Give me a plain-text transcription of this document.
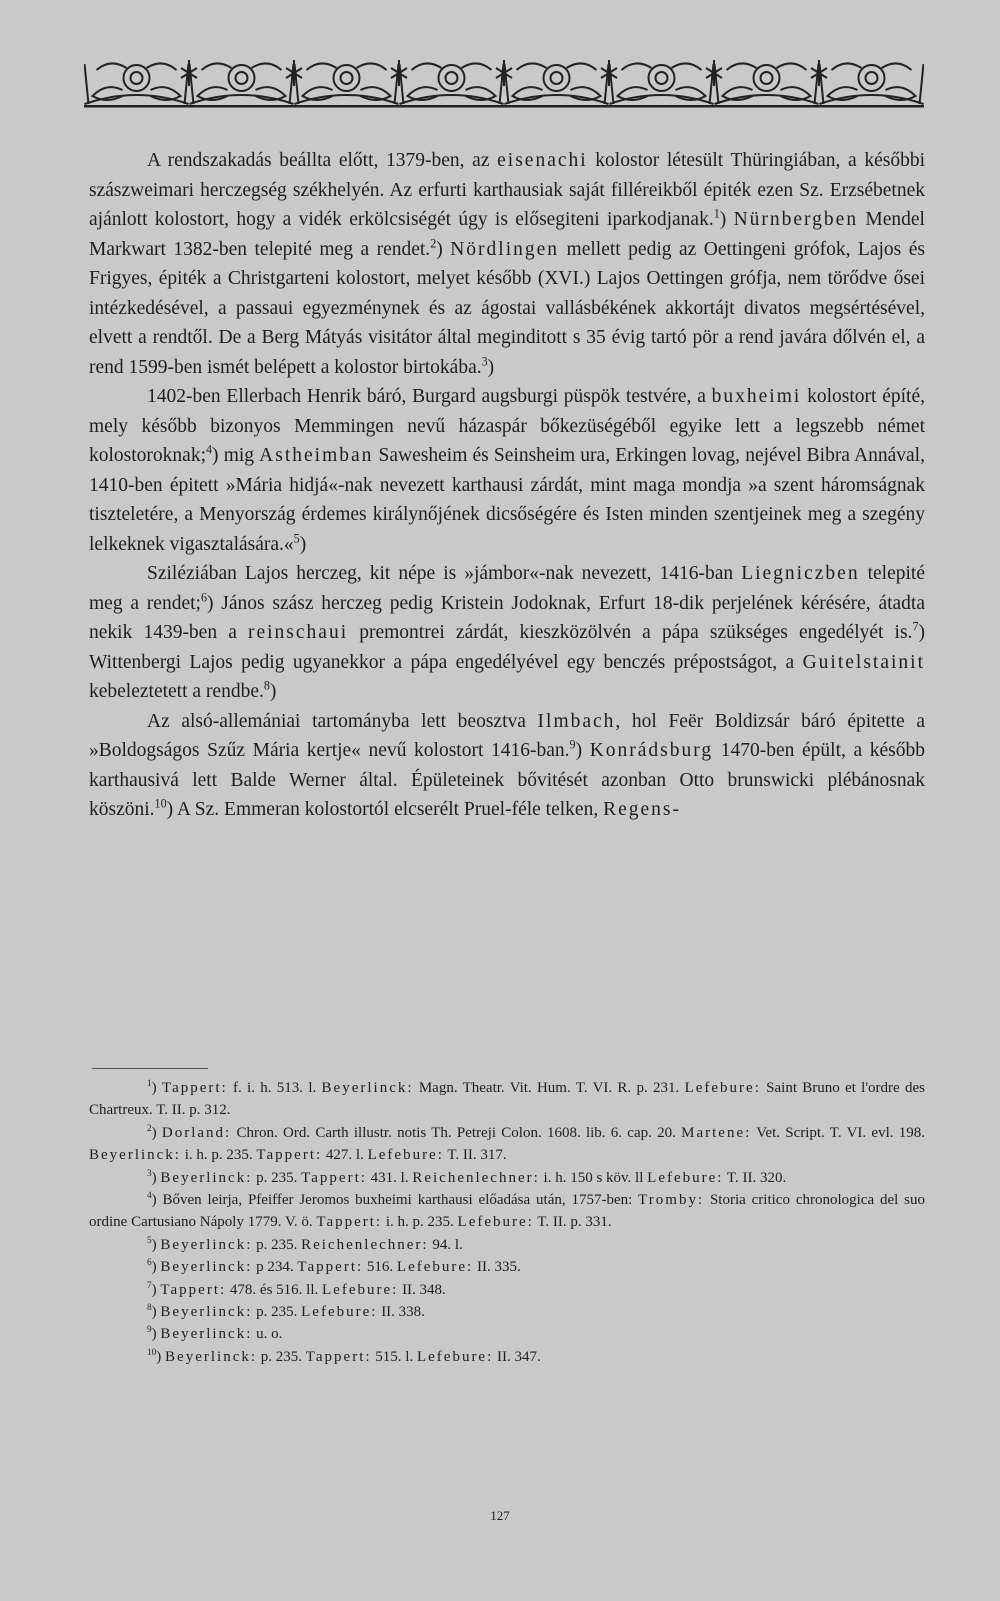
A rendszakadás beállta előtt, 1379-ben, az eisenachi kolostor létesült Thüringiában, a későbbi szászweimari herczegség székhelyén. Az erfurti karthausiak saját filléreikből épiték ezen Sz. Erzsébetnek ajánlott kolostort, hogy a vidék erkölcsiségét úgy is elősegiteni iparkodjanak.$^1$) Nürnbergben Mendel Markwart 1382-ben telepité meg a rendet.$^2$) Nördlingen mellett pedig az Oettingeni grófok, Lajos és Frigyes, épiték a Christgarteni kolostort, melyet később (XVI.) Lajos Oettingen grófja, nem törődve ősei intézkedésével, a passaui egyezménynek és az ágostai vallásbékének akkortájt divatos megsértésével, elvett a rendtől. De a Berg Mátyás visitátor által meginditott s 35 évig tartó pör a rend javára dőlvén el, a rend 1599-ben ismét belépett a kolostor birtokába.$^3$)

1402-ben Ellerbach Henrik báró, Burgard augsburgi püspök testvére, a buxheimi kolostort építé, mely később bizonyos Memmingen nevű házaspár bőkezüségéből egyike lett a legszebb német kolostoroknak;$^4$) mig Astheimban Sawesheim és Seinsheim ura, Erkingen lovag, nejével Bibra Annával, 1410-ben épitett »Mária hidjá«-nak nevezett karthausi zárdát, mint maga mondja »a szent háromságnak tiszteletére, a Menyország érdemes királynőjének dicsőségére és Isten minden szentjeinek meg a szegény lelkeknek vigasztalására.«$^5$)

Sziléziában Lajos herczeg, kit népe is »jámbor«-nak nevezett, 1416-ban Liegniczben telepité meg a rendet;$^6$) János szász herczeg pedig Kristein Jodoknak, Erfurt 18-dik perjelének kérésére, átadta nekik 1439-ben a reinschaui premontrei zárdát, kieszközölvén a pápa szükséges engedélyét is.$^7$) Wittenbergi Lajos pedig ugyanekkor a pápa engedélyével egy benczés prépostságot, a Guitelstainit kebeleztetett a rendbe.$^8$)

Az alsó-allemániai tartományba lett beosztva Ilmbach, hol Feër Boldizsár báró épitette a »Boldogságos Szűz Mária kertje« nevű kolostort 1416-ban.$^9$) Konrádsburg 1470-ben épült, a később karthausivá lett Balde Werner által. Épületeinek bővitését azonban Otto brunswicki plébánosnak köszöni.$^{10}$) A Sz. Emmeran kolostortól elcserélt Pruel-féle telken, Regens-

$^1$) Tappert: f. i. h. 513. l. Beyerlinck: Magn. Theatr. Vit. Hum. T. VI. R. p. 231. Lefebure: Saint Bruno et l'ordre des Chartreux. T. II. p. 312.

$^2$) Dorland: Chron. Ord. Carth illustr. notis Th. Petreji Colon. 1608. lib. 6. cap. 20. Martene: Vet. Script. T. VI. evl. 198. Beyerlinck: i. h. p. 235. Tappert: 427. l. Lefebure: T. II. 317.

$^3$) Beyerlinck: p. 235. Tappert: 431. l. Reichenlechner: i. h. 150 s köv. ll Lefebure: T. II. 320.

$^4$) Bőven leirja, Pfeiffer Jeromos buxheimi karthausi előadása után, 1757-ben: Tromby: Storia critico chronologica del suo ordine Cartusiano Nápoly 1779. V. ö. Tappert: i. h. p. 235. Lefebure: T. II. p. 331.

$^5$) Beyerlinck: p. 235. Reichenlechner: 94. l.

$^6$) Beyerlinck: p 234. Tappert: 516. Lefebure: II. 335.

$^7$) Tappert: 478. és 516. ll. Lefebure: II. 348.

$^8$) Beyerlinck: p. 235. Lefebure: II. 338.

$^9$) Beyerlinck: u. o.

$^{10}$) Beyerlinck: p. 235. Tappert: 515. l. Lefebure: II. 347.

127
